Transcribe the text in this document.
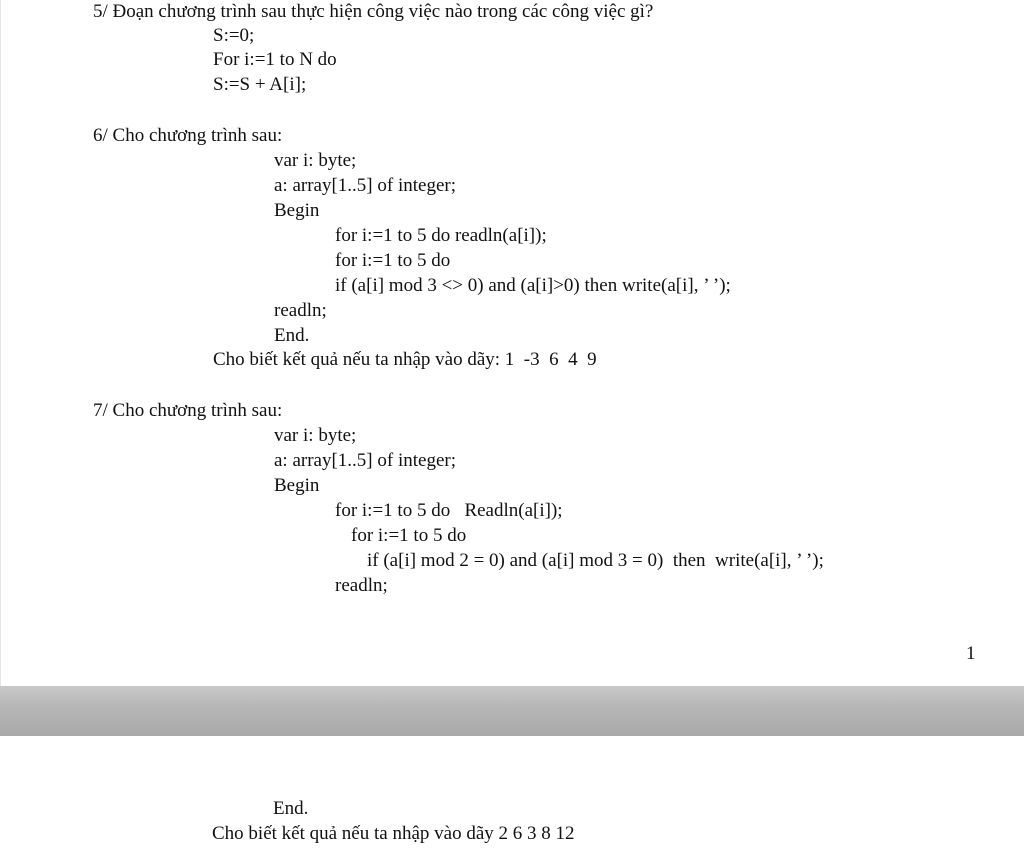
5/ Đoạn chương trình sau thực hiện công việc nào trong các công việc gì?
S:=0;
For i:=1 to N do
S:=S + A[i];
6/ Cho chương trình sau:
var i: byte;
a: array[1..5] of integer;
Begin
for i:=1 to 5 do readln(a[i]);
for i:=1 to 5 do
if (a[i] mod 3 <> 0) and (a[i]>0) then write(a[i], ’ ’);
readln;
End.
Cho biết kết quả nếu ta nhập vào dãy: 1  -3  6  4  9
7/ Cho chương trình sau:
var i: byte;
a: array[1..5] of integer;
Begin
for i:=1 to 5 do   Readln(a[i]);
for i:=1 to 5 do
if (a[i] mod 2 = 0) and (a[i] mod 3 = 0)  then  write(a[i], ’ ’);
readln;
1
End.
Cho biết kết quả nếu ta nhập vào dãy 2 6 3 8 12
